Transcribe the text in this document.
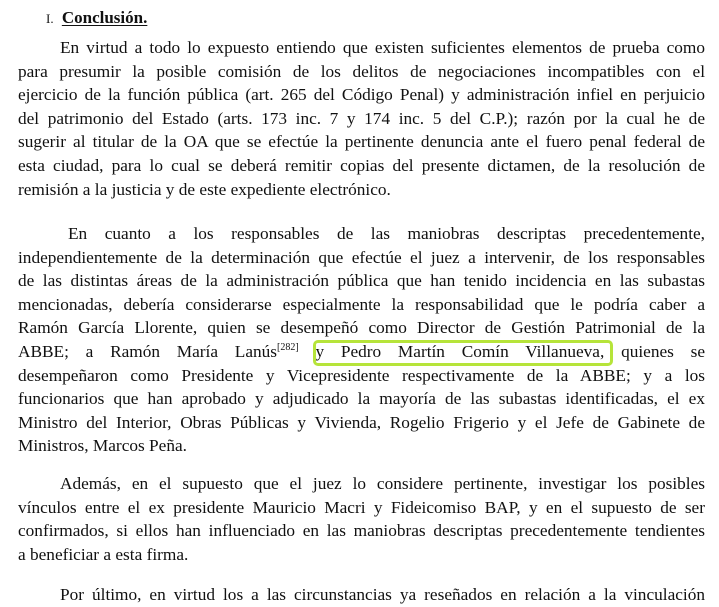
I. Conclusión.
En virtud a todo lo expuesto entiendo que existen suficientes elementos de prueba como
para presumir la posible comisión de los delitos de negociaciones incompatibles con el
ejercicio de la función pública (art. 265 del Código Penal) y administración infiel en perjuicio
del patrimonio del Estado (arts. 173 inc. 7 y 174 inc. 5 del C.P.); razón por la cual he de
sugerir al titular de la OA que se efectúe la pertinente denuncia ante el fuero penal federal de
esta ciudad, para lo cual se deberá remitir copias del presente dictamen, de la resolución de
remisión a la justicia y de este expediente electrónico.
En cuanto a los responsables de las maniobras descriptas precedentemente,
independientemente de la determinación que efectúe el juez a intervenir, de los responsables
de las distintas áreas de la administración pública que han tenido incidencia en las subastas
mencionadas, debería considerarse especialmente la responsabilidad que le podría caber a
Ramón García Llorente, quien se desempeñó como Director de Gestión Patrimonial de la
ABBE; a Ramón María Lanús[282] y Pedro Martín Comín Villanueva, quienes se
desempeñaron como Presidente y Vicepresidente respectivamente de la ABBE; y a los
funcionarios que han aprobado y adjudicado la mayoría de las subastas identificadas, el ex
Ministro del Interior, Obras Públicas y Vivienda, Rogelio Frigerio y el Jefe de Gabinete de
Ministros, Marcos Peña.
Además, en el supuesto que el juez lo considere pertinente, investigar los posibles
vínculos entre el ex presidente Mauricio Macri y Fideicomiso BAP, y en el supuesto de ser
confirmados, si ellos han influenciado en las maniobras descriptas precedentemente tendientes
a beneficiar a esta firma.
Por último, en virtud los a las circunstancias ya reseñados en relación a la vinculación
